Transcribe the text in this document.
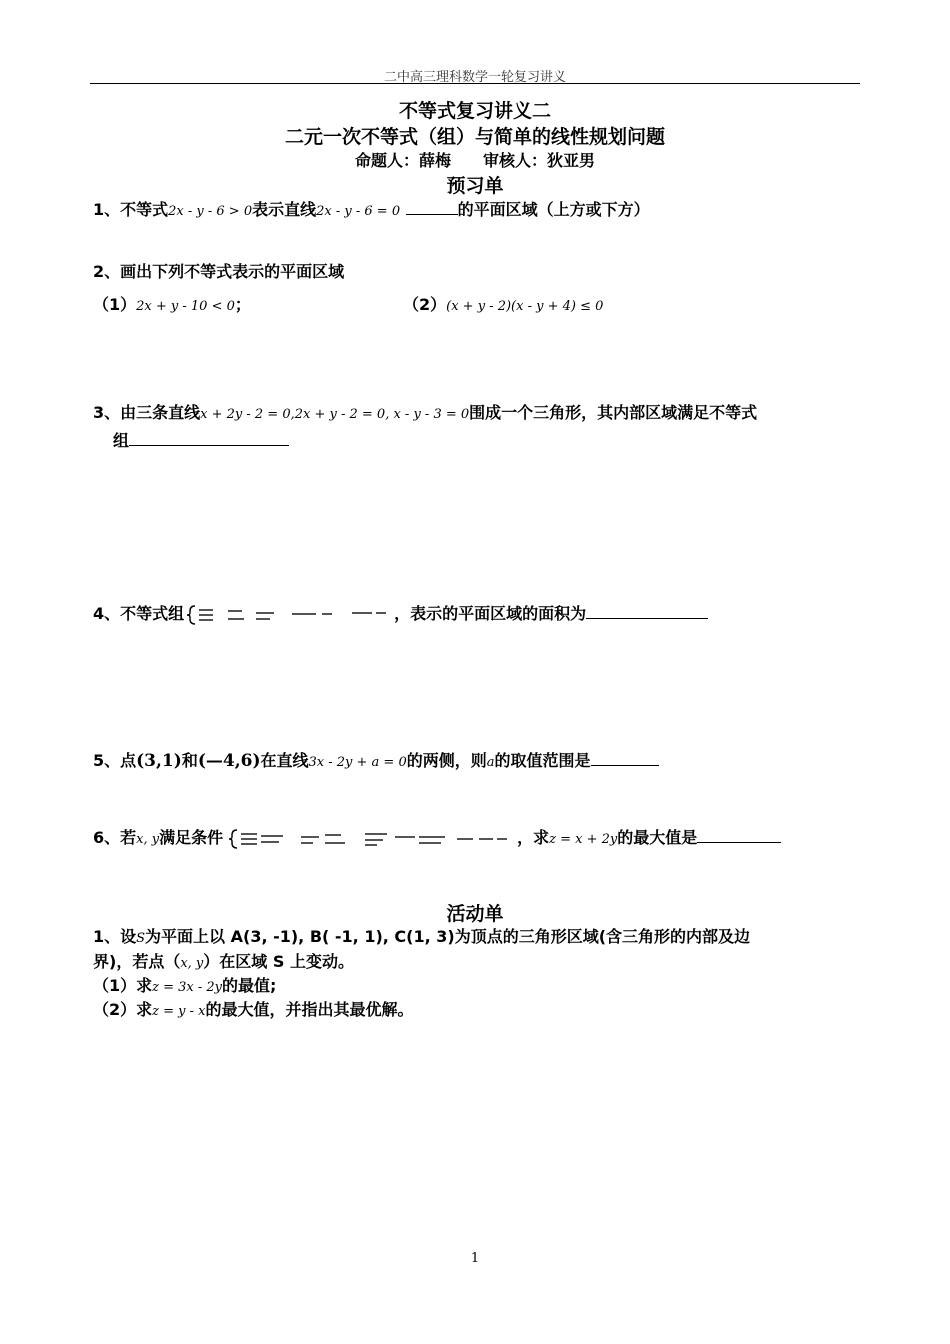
二中高三理科数学一轮复习讲义
不等式复习讲义二
二元一次不等式（组）与简单的线性规划问题
命题人：薛梅　　审核人：狄亚男
预习单
1、不等式2x - y - 6 > 0表示直线2x - y - 6 = 0	的平面区域（上方或下方）
2、画出下列不等式表示的平面区域
（1）2x + y - 10 < 0；	（2）(x + y - 2)(x - y + 4) ≤ 0
3、由三条直线x + 2y - 2 = 0,2x + y - 2 = 0, x - y - 3 = 0围成一个三角形，其内部区域满足不等式
组
4、不等式组	，表示的平面区域的面积为
5、点(3,1)和(—4,6)在直线3x - 2y + a = 0的两侧，则a的取值范围是
6、若x, y满足条件	，求z = x + 2y的最大值是
活动单
1、设S为平面上以 A(3, -1), B( -1, 1), C(1, 3)为顶点的三角形区域(含三角形的内部及边
界)，若点（x, y）在区域 S 上变动。
（1）求z = 3x - 2y的最值;
（2）求z = y - x的最大值，并指出其最优解。
1
